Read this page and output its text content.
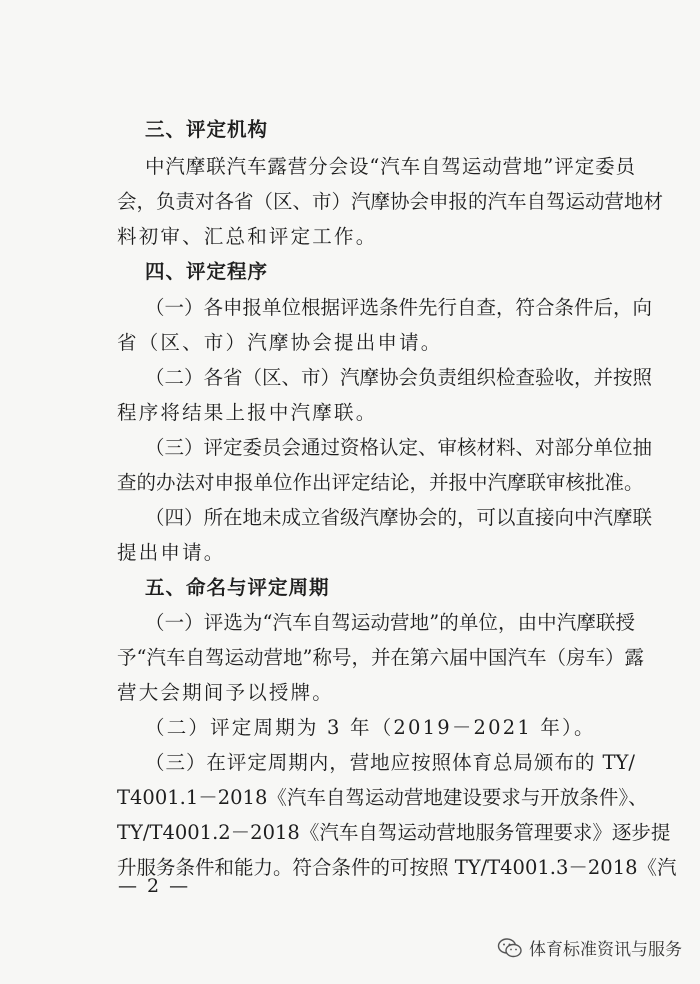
三、评定机构
中汽摩联汽车露营分会设“汽车自驾运动营地”评定委员
会，负责对各省（区、市）汽摩协会申报的汽车自驾运动营地材
料初审、汇总和评定工作。
四、评定程序
（一）各申报单位根据评选条件先行自查，符合条件后，向
省（区、市）汽摩协会提出申请。
（二）各省（区、市）汽摩协会负责组织检查验收，并按照
程序将结果上报中汽摩联。
（三）评定委员会通过资格认定、审核材料、对部分单位抽
查的办法对申报单位作出评定结论，并报中汽摩联审核批准。
（四）所在地未成立省级汽摩协会的，可以直接向中汽摩联
提出申请。
五、命名与评定周期
（一）评选为“汽车自驾运动营地”的单位，由中汽摩联授
予“汽车自驾运动营地”称号，并在第六届中国汽车（房车）露
营大会期间予以授牌。
（二）评定周期为 3 年（2019－2021 年）。
（三）在评定周期内，营地应按照体育总局颁布的 TY/
T4001.1－2018《汽车自驾运动营地建设要求与开放条件》、
TY/T4001.2－2018《汽车自驾运动营地服务管理要求》逐步提
— 2 —
体育标准资讯与服务
升服务条件和能力。符合条件的可按照 TY/T4001.3－2018《汽
